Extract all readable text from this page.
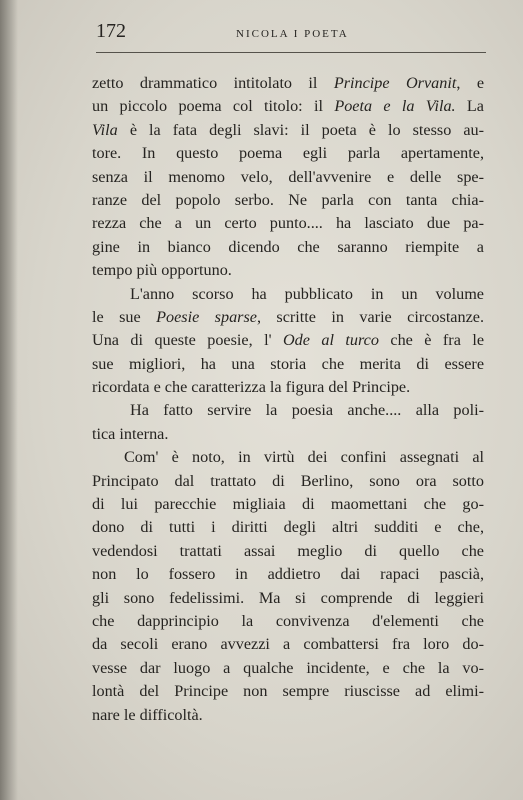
172	NICOLA I POETA
zetto drammatico intitolato il Principe Orvanit, e
un piccolo poema col titolo: il Poeta e la Vila. La
Vila è la fata degli slavi: il poeta è lo stesso au-
tore. In questo poema egli parla apertamente,
senza il menomo velo, dell'avvenire e delle spe-
ranze del popolo serbo. Ne parla con tanta chia-
rezza che a un certo punto.... ha lasciato due pa-
gine in bianco dicendo che saranno riempite a
tempo più opportuno.
L'anno scorso ha pubblicato in un volume
le sue Poesie sparse, scritte in varie circostanze.
Una di queste poesie, l' Ode al turco che è fra le
sue migliori, ha una storia che merita di essere
ricordata e che caratterizza la figura del Principe.
Ha fatto servire la poesia anche.... alla poli-
tica interna.
Com' è noto, in virtù dei confini assegnati al
Principato dal trattato di Berlino, sono ora sotto
di lui parecchie migliaia di maomettani che go-
dono di tutti i diritti degli altri sudditi e che,
vedendosi trattati assai meglio di quello che
non lo fossero in addietro dai rapaci pascià,
gli sono fedelissimi. Ma si comprende di leggieri
che dapprincipio la convivenza d'elementi che
da secoli erano avvezzi a combattersi fra loro do-
vesse dar luogo a qualche incidente, e che la vo-
lontà del Principe non sempre riuscisse ad elimi-
nare le difficoltà.
